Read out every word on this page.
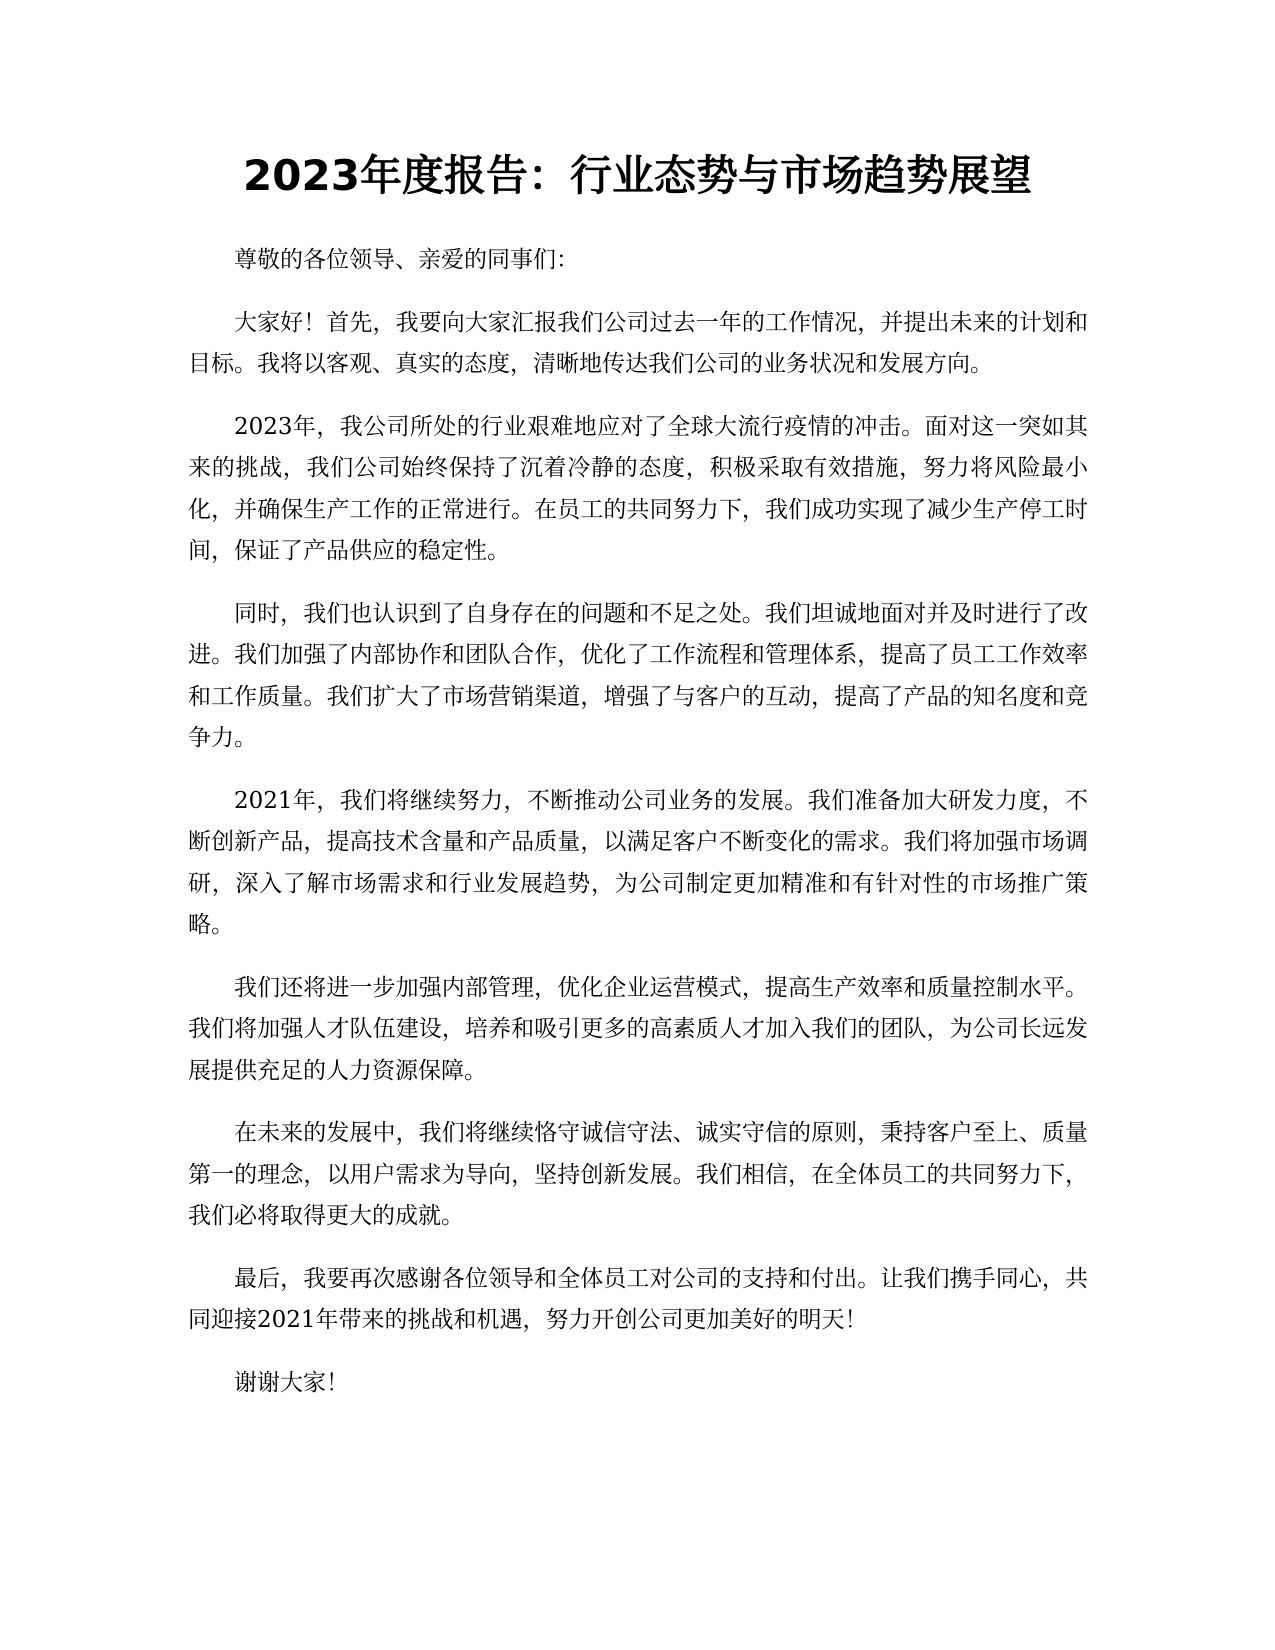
2023年度报告：行业态势与市场趋势展望

尊敬的各位领导、亲爱的同事们：

大家好！首先，我要向大家汇报我们公司过去一年的工作情况，并提出未来的计划和目标。我将以客观、真实的态度，清晰地传达我们公司的业务状况和发展方向。

2023年，我公司所处的行业艰难地应对了全球大流行疫情的冲击。面对这一突如其来的挑战，我们公司始终保持了沉着冷静的态度，积极采取有效措施，努力将风险最小化，并确保生产工作的正常进行。在员工的共同努力下，我们成功实现了减少生产停工时间，保证了产品供应的稳定性。

同时，我们也认识到了自身存在的问题和不足之处。我们坦诚地面对并及时进行了改进。我们加强了内部协作和团队合作，优化了工作流程和管理体系，提高了员工工作效率和工作质量。我们扩大了市场营销渠道，增强了与客户的互动，提高了产品的知名度和竞争力。

2021年，我们将继续努力，不断推动公司业务的发展。我们准备加大研发力度，不断创新产品，提高技术含量和产品质量，以满足客户不断变化的需求。我们将加强市场调研，深入了解市场需求和行业发展趋势，为公司制定更加精准和有针对性的市场推广策略。

我们还将进一步加强内部管理，优化企业运营模式，提高生产效率和质量控制水平。我们将加强人才队伍建设，培养和吸引更多的高素质人才加入我们的团队，为公司长远发展提供充足的人力资源保障。

在未来的发展中，我们将继续恪守诚信守法、诚实守信的原则，秉持客户至上、质量第一的理念，以用户需求为导向，坚持创新发展。我们相信，在全体员工的共同努力下，我们必将取得更大的成就。

最后，我要再次感谢各位领导和全体员工对公司的支持和付出。让我们携手同心，共同迎接2021年带来的挑战和机遇，努力开创公司更加美好的明天！

谢谢大家！
